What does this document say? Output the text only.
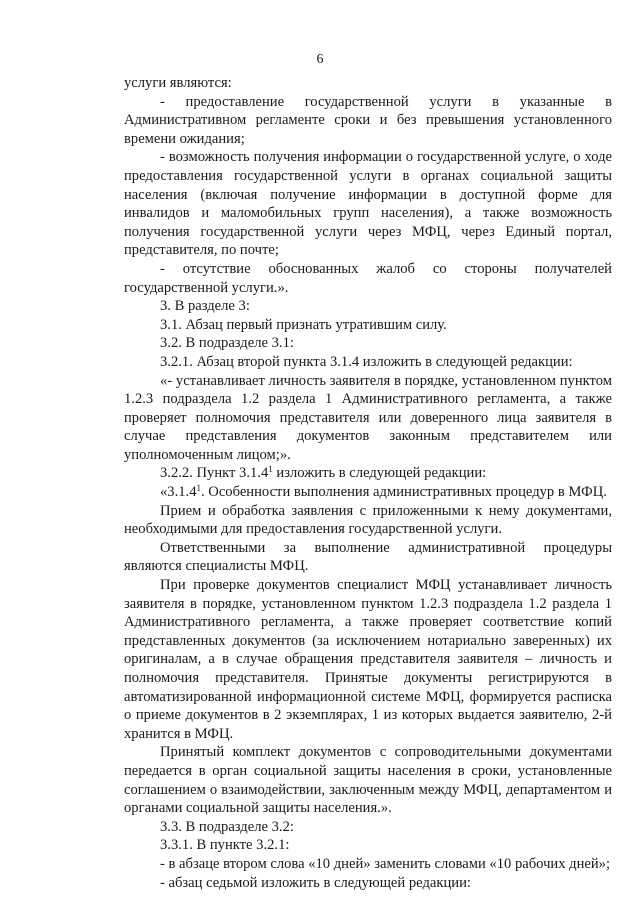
6

услуги являются:

- предоставление государственной услуги в указанные в Административном регламенте сроки и без превышения установленного времени ожидания;

- возможность получения информации о государственной услуге, о ходе предоставления государственной услуги в органах социальной защиты населения (включая получение информации в доступной форме для инвалидов и маломобильных групп населения), а также возможность получения государственной услуги через МФЦ, через Единый портал, представителя, по почте;

- отсутствие обоснованных жалоб со стороны получателей государственной услуги.».

3. В разделе 3:

3.1. Абзац первый признать утратившим силу.

3.2. В подразделе 3.1:

3.2.1. Абзац второй пункта 3.1.4 изложить в следующей редакции:

«- устанавливает личность заявителя в порядке, установленном пунктом 1.2.3 подраздела 1.2 раздела 1 Административного регламента, а также проверяет полномочия представителя или доверенного лица заявителя в случае представления документов законным представителем или уполномоченным лицом;».

3.2.2. Пункт 3.1.4$^1$ изложить в следующей редакции:

«3.1.4$^1$. Особенности выполнения административных процедур в МФЦ.

Прием и обработка заявления с приложенными к нему документами, необходимыми для предоставления государственной услуги.

Ответственными за выполнение административной процедуры являются специалисты МФЦ.

При проверке документов специалист МФЦ устанавливает личность заявителя в порядке, установленном пунктом 1.2.3 подраздела 1.2 раздела 1 Административного регламента, а также проверяет соответствие копий представленных документов (за исключением нотариально заверенных) их оригиналам, а в случае обращения представителя заявителя – личность и полномочия представителя. Принятые документы регистрируются в автоматизированной информационной системе МФЦ, формируется расписка о приеме документов в 2 экземплярах, 1 из которых выдается заявителю, 2-й хранится в МФЦ.

Принятый комплект документов с сопроводительными документами передается в орган социальной защиты населения в сроки, установленные соглашением о взаимодействии, заключенным между МФЦ, департаментом и органами социальной защиты населения.».

3.3. В подразделе 3.2:

3.3.1. В пункте 3.2.1:

- в абзаце втором слова «10 дней» заменить словами «10 рабочих дней»;

- абзац седьмой изложить в следующей редакции:
